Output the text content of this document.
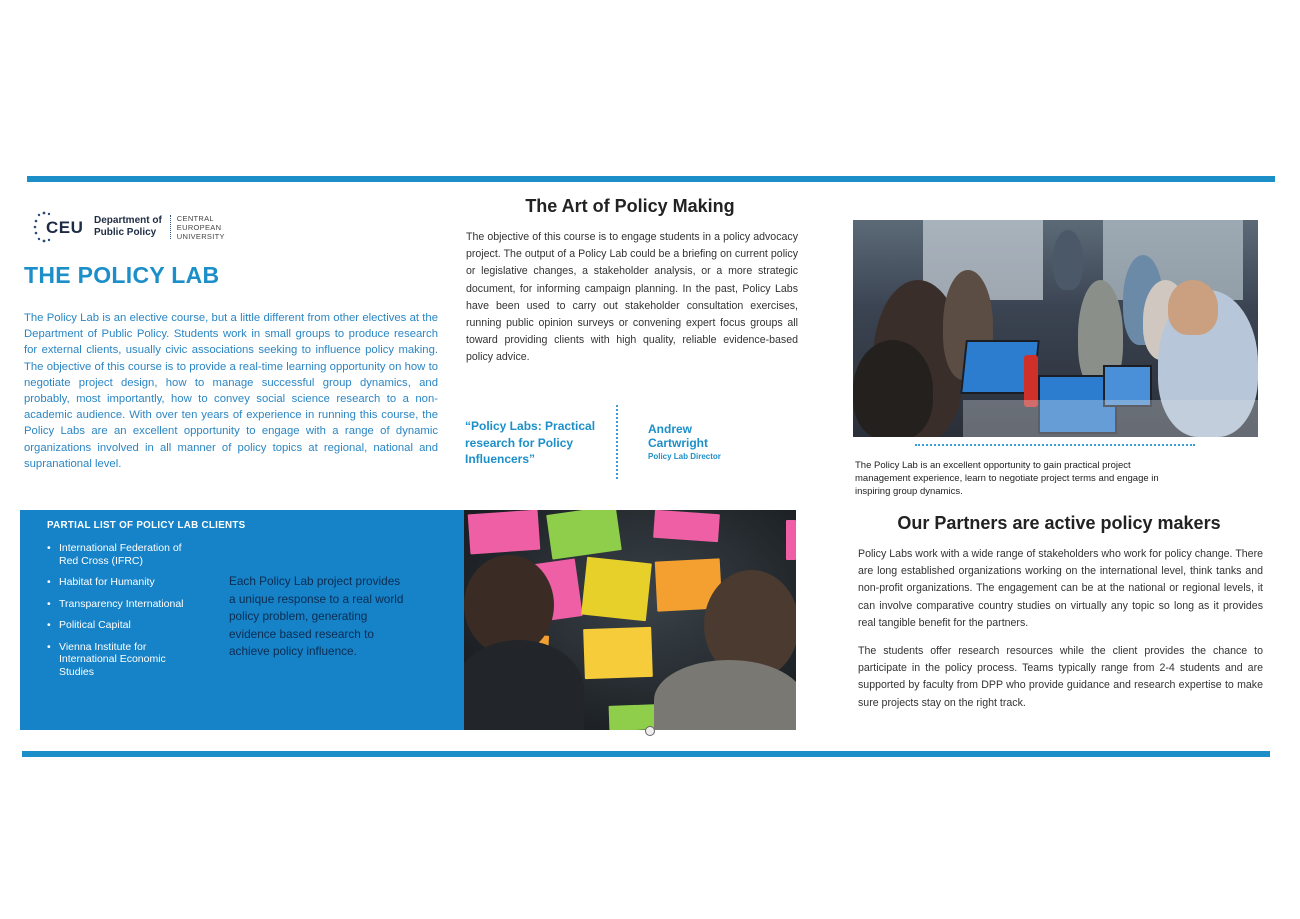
CEU Department of
Public Policy
CENTRAL
EUROPEAN
UNIVERSITY
THE POLICY LAB

The Policy Lab is an elective course, but a little different from other electives at the Department of Public Policy. Students work in small groups to produce research for external clients, usually civic associations seeking to influence policy making. The objective of this course is to provide a real-time learning opportunity on how to negotiate project design, how to manage successful group dynamics, and probably, most importantly, how to convey social science research to a non-academic audience. With over ten years of experience in running this course, the Policy Labs are an excellent opportunity to engage with a range of dynamic organizations involved in all manner of policy topics at regional, national and supranational level.

The Art of Policy Making

The objective of this course is to engage students in a policy advocacy project. The output of a Policy Lab could be a briefing on current policy or legislative changes, a stakeholder analysis, or a more strategic document, for informing campaign planning. In the past, Policy Labs have been used to carry out stakeholder consultation exercises, running public opinion surveys or convening expert focus groups all toward providing clients with high quality, reliable evidence-based policy advice.

“Policy Labs: Practical research for Policy Influencers”
Andrew Cartwright
Policy Lab Director

The Policy Lab is an excellent opportunity to gain practical project management experience, learn to negotiate project terms and engage in inspiring group dynamics.

PARTIAL LIST OF POLICY LAB CLIENTS
• International Federation of Red Cross (IFRC)
• Habitat for Humanity
• Transparency International
• Political Capital
• Vienna Institute for International Economic Studies

Each Policy Lab project provides a unique response to a real world policy problem, generating evidence based research to achieve policy influence.

Our Partners are active policy makers

Policy Labs work with a wide range of stakeholders who work for policy change. There are long established organizations working on the international level, think tanks and non-profit organizations. The engagement can be at the national or regional levels, it can involve comparative country studies on virtually any topic so long as it provides real tangible benefit for the partners.

The students offer research resources while the client provides the chance to participate in the policy process. Teams typically range from 2-4 students and are supported by faculty from DPP who provide guidance and research expertise to make sure projects stay on the right track.
